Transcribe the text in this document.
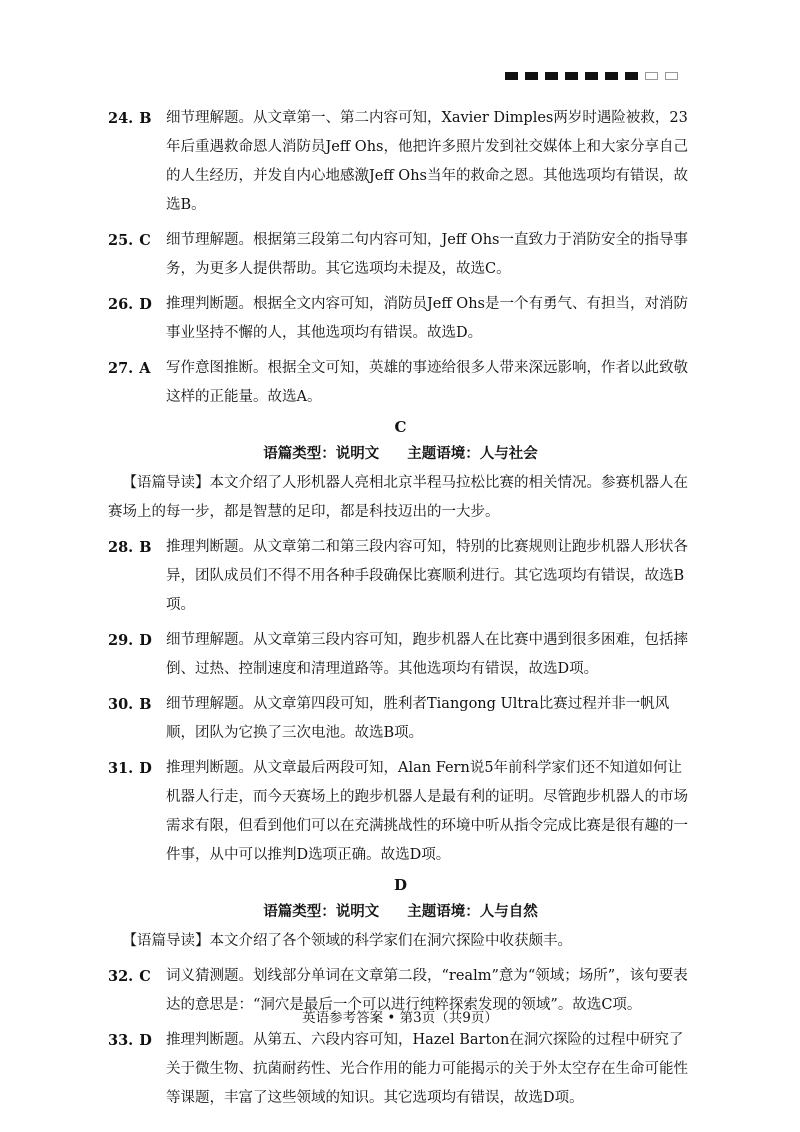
24. B	细节理解题。从文章第一、第二内容可知，Xavier Dimples两岁时遇险被救，23年后重遇救命恩人消防员Jeff Ohs，他把许多照片发到社交媒体上和大家分享自己的人生经历，并发自内心地感激Jeff Ohs当年的救命之恩。其他选项均有错误，故选B。
25. C	细节理解题。根据第三段第二句内容可知，Jeff Ohs一直致力于消防安全的指导事务，为更多人提供帮助。其它选项均未提及，故选C。
26. D 推理判断题。根据全文内容可知，消防员Jeff Ohs是一个有勇气、有担当，对消防事业坚持不懈的人，其他选项均有错误。故选D。
27. A	写作意图推断。根据全文可知，英雄的事迹给很多人带来深远影响，作者以此致敬这样的正能量。故选A。
C
语篇类型：说明文 主题语境：人与社会
【语篇导读】本文介绍了人形机器人亮相北京半程马拉松比赛的相关情况。参赛机器人在赛场上的每一步，都是智慧的足印，都是科技迈出的一大步。
28. B	推理判断题。从文章第二和第三段内容可知，特别的比赛规则让跑步机器人形状各异，团队成员们不得不用各种手段确保比赛顺利进行。其它选项均有错误，故选B项。
29. D 细节理解题。从文章第三段内容可知，跑步机器人在比赛中遇到很多困难，包括摔倒、过热、控制速度和清理道路等。其他选项均有错误，故选D项。
30. B	细节理解题。从文章第四段可知，胜利者Tiangong Ultra比赛过程并非一帆风顺，团队为它换了三次电池。故选B项。
31. D 推理判断题。从文章最后两段可知，Alan Fern说5年前科学家们还不知道如何让机器人行走，而今天赛场上的跑步机器人是最有利的证明。尽管跑步机器人的市场需求有限，但看到他们可以在充满挑战性的环境中听从指令完成比赛是很有趣的一件事，从中可以推判D选项正确。故选D项。
D
语篇类型：说明文 主题语境：人与自然
【语篇导读】本文介绍了各个领域的科学家们在洞穴探险中收获颇丰。
32. C	词义猜测题。划线部分单词在文章第二段，“realm”意为“领域；场所”，该句要表达的意思是：“洞穴是最后一个可以进行纯粹探索发现的领域”。故选C项。
33. D 推理判断题。从第五、六段内容可知，Hazel Barton在洞穴探险的过程中研究了关于微生物、抗菌耐药性、光合作用的能力可能揭示的关于外太空存在生命可能性等课题，丰富了这些领域的知识。其它选项均有错误，故选D项。
英语参考答案 • 第3页（共9页）
